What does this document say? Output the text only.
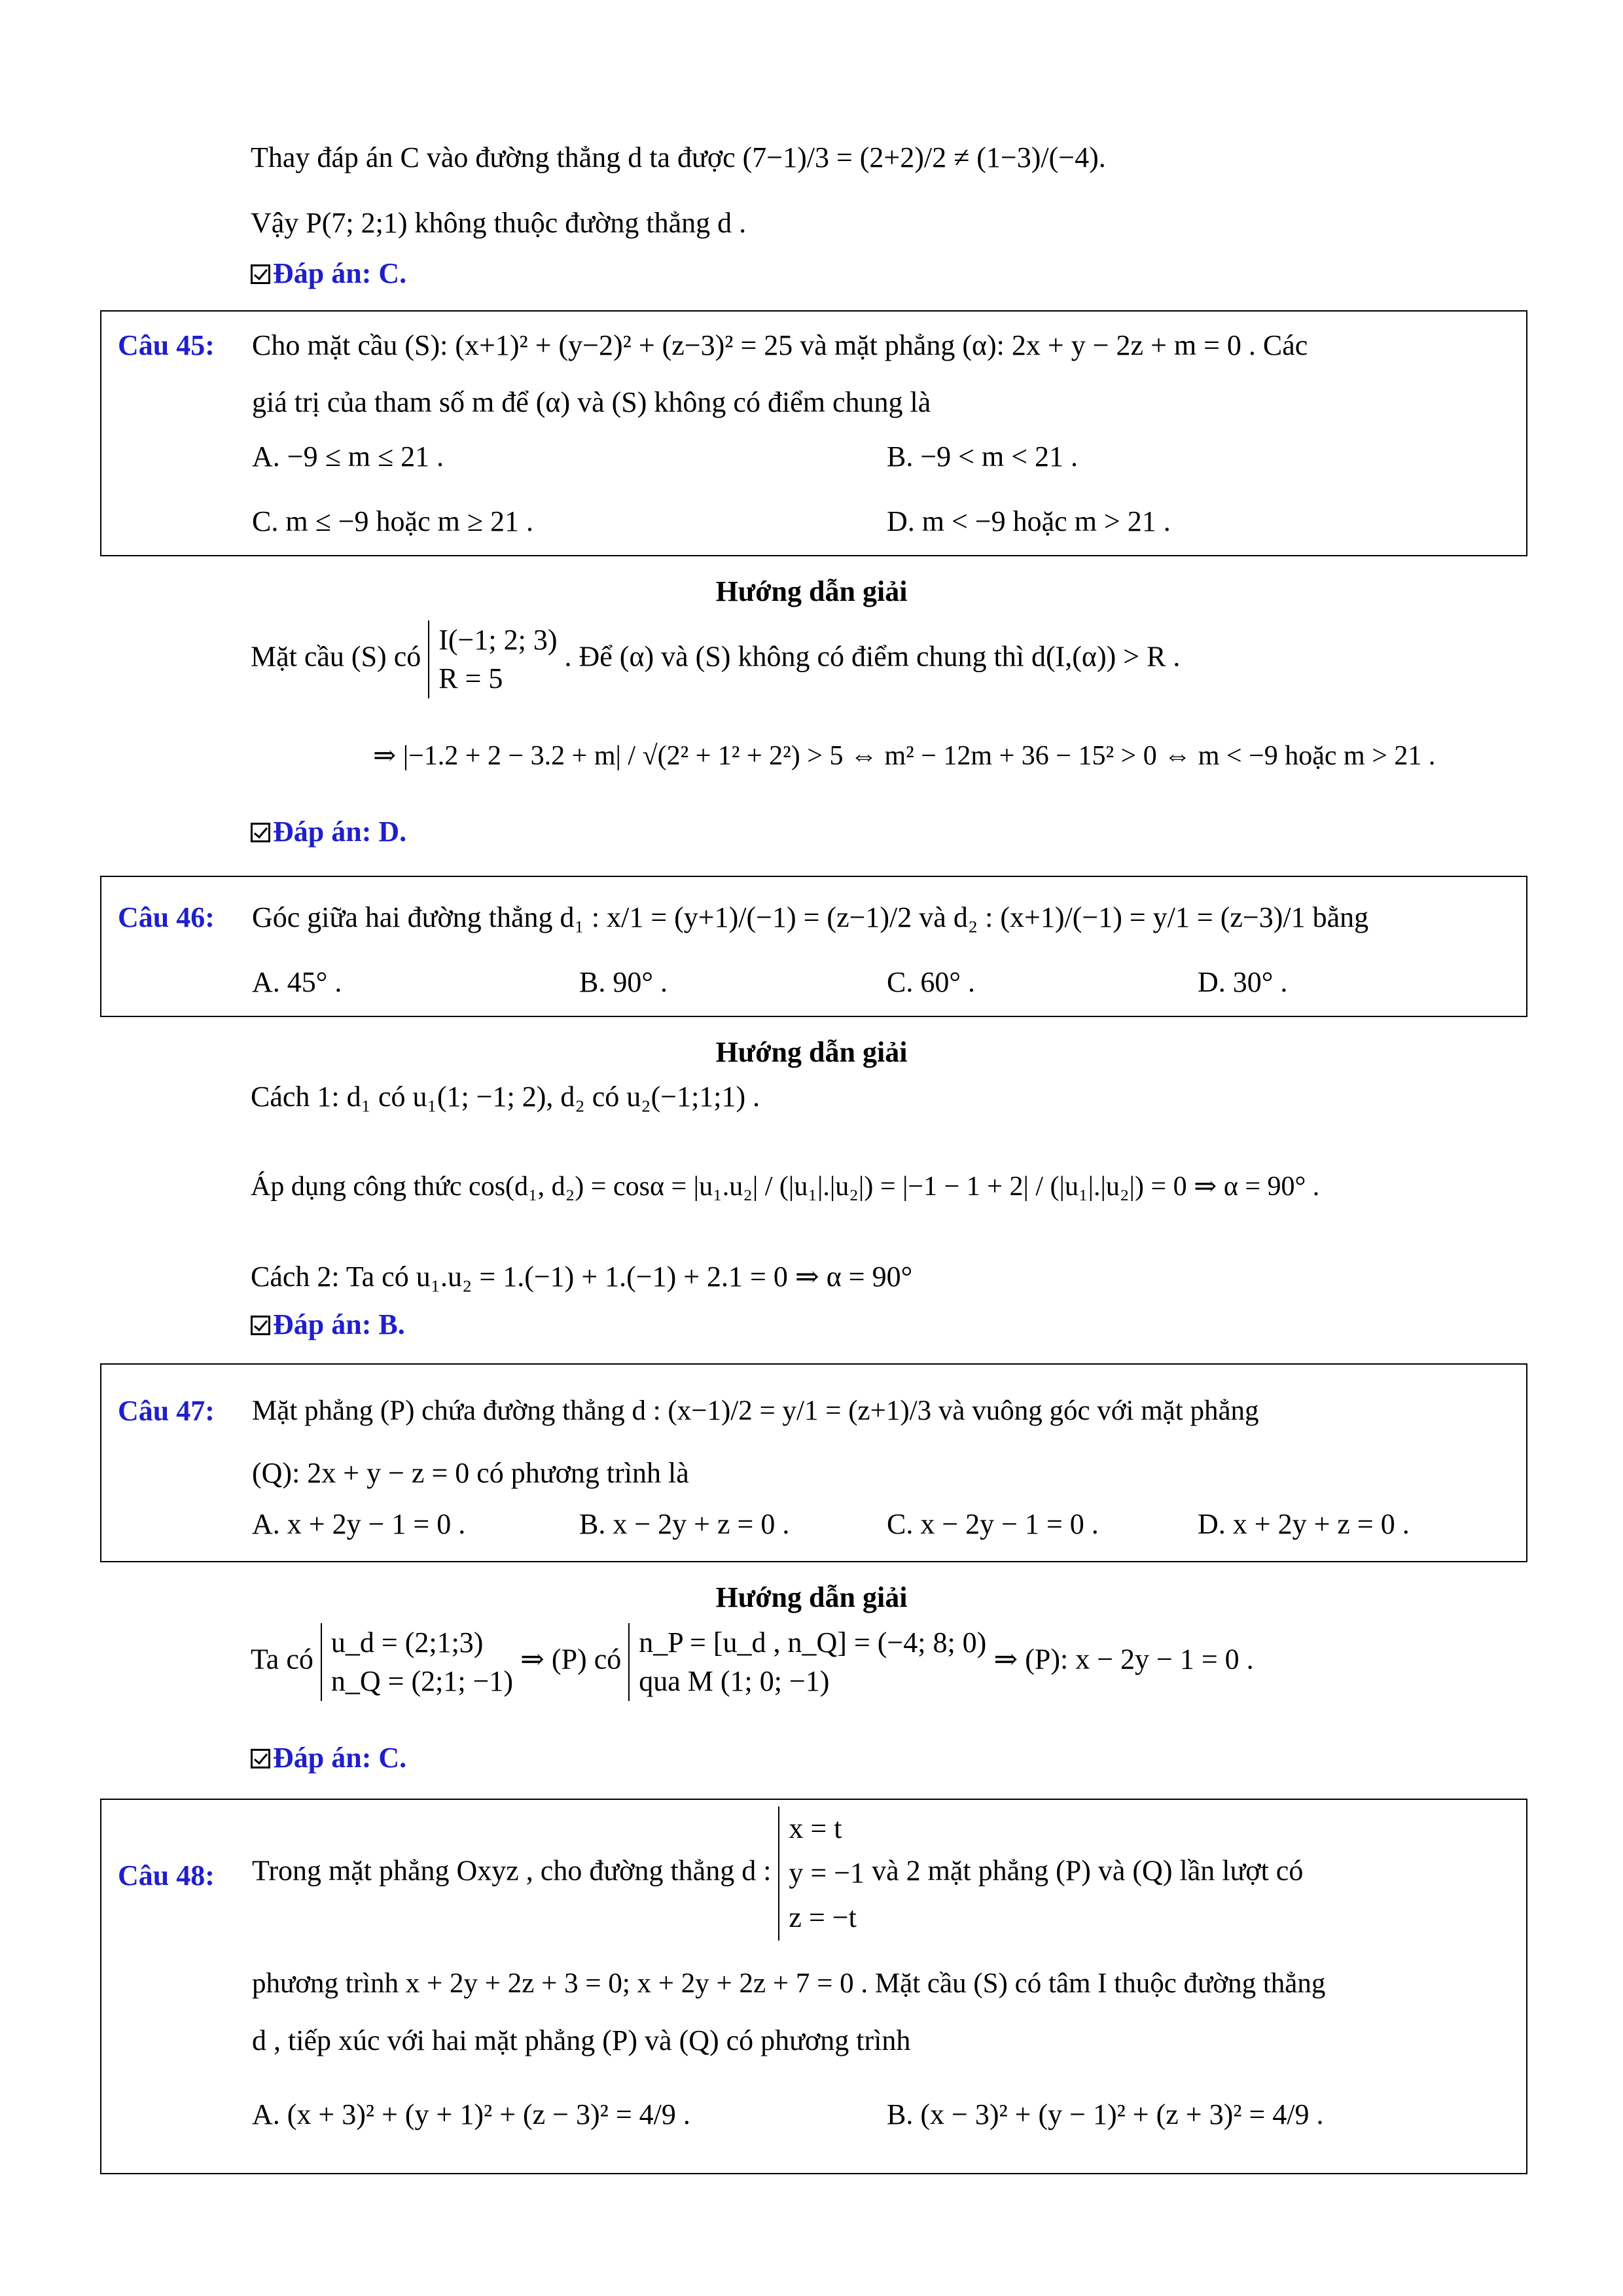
Thay đáp án C vào đường thẳng d ta được (7−1)/3 = (2+2)/2 ≠ (1−3)/(−4).
Vậy P(7; 2;1) không thuộc đường thẳng d .
Đáp án: C.
Câu 45: Cho mặt cầu (S): (x+1)² + (y−2)² + (z−3)² = 25 và mặt phẳng (α): 2x + y − 2z + m = 0 . Các
giá trị của tham số m để (α) và (S) không có điểm chung là
A. −9 ≤ m ≤ 21 .	B. −9 < m < 21 .
C. m ≤ −9 hoặc m ≥ 21 .	D. m < −9 hoặc m > 21 .
Hướng dẫn giải
Mặt cầu (S) có
I(−1; 2; 3)
R = 5
. Để (α) và (S) không có điểm chung thì d(I,(α)) > R .
⇒ |−1.2 + 2 − 3.2 + m| / √(2² + 1² + 2²) > 5 ⇔ m² − 12m + 36 − 15² > 0 ⇔ m < −9 hoặc m > 21 .
Đáp án: D.
Câu 46: Góc giữa hai đường thẳng d₁ : x/1 = (y+1)/(−1) = (z−1)/2 và d₂ : (x+1)/(−1) = y/1 = (z−3)/1 bằng
A. 45° .	B. 90° .	C. 60° .	D. 30° .
Hướng dẫn giải
Cách 1: d₁ có u₁(1; −1; 2), d₂ có u₂(−1;1;1) .
Áp dụng công thức cos(d₁, d₂) = cosα = |u₁.u₂| / (|u₁|.|u₂|) = |−1 − 1 + 2| / (|u₁|.|u₂|) = 0 ⇒ α = 90° .
Cách 2: Ta có u₁.u₂ = 1.(−1) + 1.(−1) + 2.1 = 0 ⇒ α = 90°
Đáp án: B.
Câu 47: Mặt phẳng (P) chứa đường thẳng d : (x−1)/2 = y/1 = (z+1)/3 và vuông góc với mặt phẳng
(Q): 2x + y − z = 0 có phương trình là
A. x + 2y − 1 = 0 .	B. x − 2y + z = 0 .	C. x − 2y − 1 = 0 .	D. x + 2y + z = 0 .
Hướng dẫn giải
Ta có
u_d = (2;1;3)
n_Q = (2;1; −1)
⇒ (P) có
n_P = [u_d , n_Q] = (−4; 8; 0)
qua M (1; 0; −1)
⇒ (P): x − 2y − 1 = 0 .
Đáp án: C.
Câu 48: Trong mặt phẳng Oxyz , cho đường thẳng d :
x = t
y = −1
z = −t
và 2 mặt phẳng (P) và (Q) lần lượt có
phương trình x + 2y + 2z + 3 = 0; x + 2y + 2z + 7 = 0 . Mặt cầu (S) có tâm I thuộc đường thẳng
d , tiếp xúc với hai mặt phẳng (P) và (Q) có phương trình
A. (x + 3)² + (y + 1)² + (z − 3)² = 4/9 .	B. (x − 3)² + (y − 1)² + (z + 3)² = 4/9 .
